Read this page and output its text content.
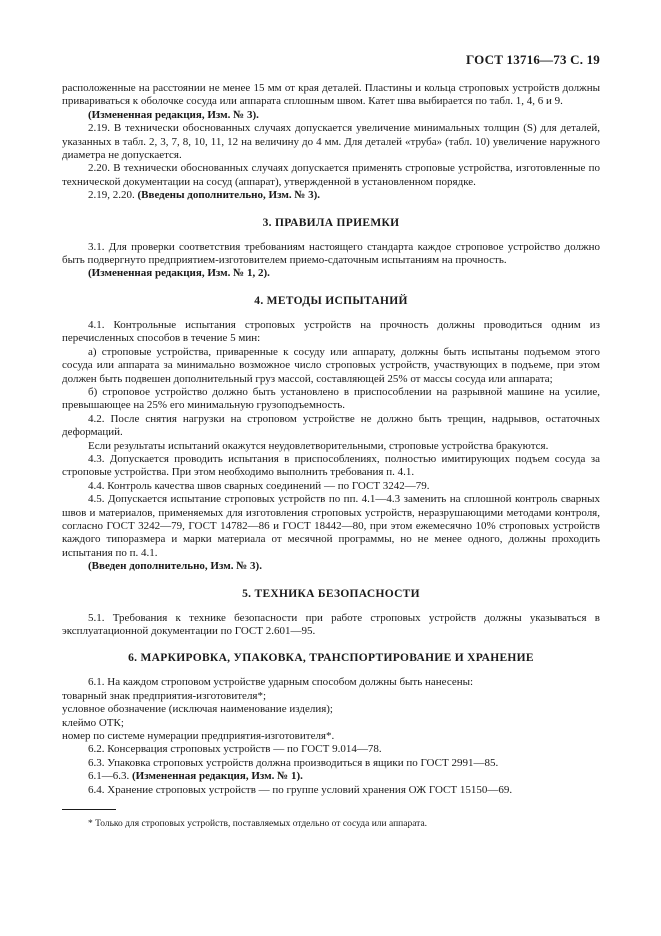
ГОСТ 13716—73 С. 19

расположенные на расстоянии не менее 15 мм от края деталей. Пластины и кольца строповых устройств должны привариваться к оболочке сосуда или аппарата сплошным швом. Катет шва выбирается по табл. 1, 4, 6 и 9.

(Измененная редакция, Изм. № 3).

2.19. В технически обоснованных случаях допускается увеличение минимальных толщин (S) для деталей, указанных в табл. 2, 3, 7, 8, 10, 11, 12 на величину до 4 мм. Для деталей «труба» (табл. 10) увеличение наружного диаметра не допускается.

2.20. В технически обоснованных случаях допускается применять строповые устройства, изготовленные по технической документации на сосуд (аппарат), утвержденной в установленном порядке.

2.19, 2.20. (Введены дополнительно, Изм. № 3).

3. ПРАВИЛА ПРИЕМКИ

3.1. Для проверки соответствия требованиям настоящего стандарта каждое строповое устройство должно быть подвергнуто предприятием-изготовителем приемо-сдаточным испытаниям на прочность.

(Измененная редакция, Изм. № 1, 2).

4. МЕТОДЫ ИСПЫТАНИЙ

4.1. Контрольные испытания строповых устройств на прочность должны проводиться одним из перечисленных способов в течение 5 мин:

а) строповые устройства, приваренные к сосуду или аппарату, должны быть испытаны подъемом этого сосуда или аппарата за минимально возможное число строповых устройств, участвующих в подъеме, при этом должен быть подвешен дополнительный груз массой, составляющей 25% от массы сосуда или аппарата;

б) строповое устройство должно быть установлено в приспособлении на разрывной машине на усилие, превышающее на 25% его минимальную грузоподъемность.

4.2. После снятия нагрузки на строповом устройстве не должно быть трещин, надрывов, остаточных деформаций.

Если результаты испытаний окажутся неудовлетворительными, строповые устройства бракуются.

4.3. Допускается проводить испытания в приспособлениях, полностью имитирующих подъем сосуда за строповые устройства. При этом необходимо выполнить требования п. 4.1.

4.4. Контроль качества швов сварных соединений — по ГОСТ 3242—79.

4.5. Допускается испытание строповых устройств по пп. 4.1—4.3 заменить на сплошной контроль сварных швов и материалов, применяемых для изготовления строповых устройств, неразрушающими методами контроля, согласно ГОСТ 3242—79, ГОСТ 14782—86 и ГОСТ 18442—80, при этом ежемесячно 10% строповых устройств каждого типоразмера и марки материала от месячной программы, но не менее одного, должны проходить испытания по п. 4.1.

(Введен дополнительно, Изм. № 3).

5. ТЕХНИКА БЕЗОПАСНОСТИ

5.1. Требования к технике безопасности при работе строповых устройств должны указываться в эксплуатационной документации по ГОСТ 2.601—95.

6. МАРКИРОВКА, УПАКОВКА, ТРАНСПОРТИРОВАНИЕ И ХРАНЕНИЕ

6.1. На каждом строповом устройстве ударным способом должны быть нанесены:

товарный знак предприятия-изготовителя*;

условное обозначение (исключая наименование изделия);

клеймо ОТК;

номер по системе нумерации предприятия-изготовителя*.

6.2. Консервация строповых устройств — по ГОСТ 9.014—78.

6.3. Упаковка строповых устройств должна производиться в ящики по ГОСТ 2991—85.

6.1—6.3. (Измененная редакция, Изм. № 1).

6.4. Хранение строповых устройств — по группе условий хранения ОЖ ГОСТ 15150—69.

* Только для строповых устройств, поставляемых отдельно от сосуда или аппарата.
